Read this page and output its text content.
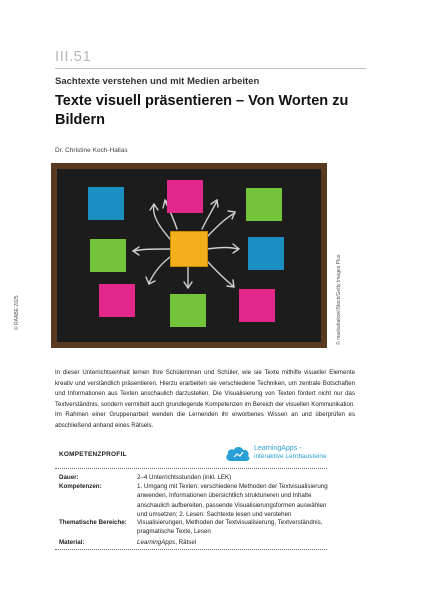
III.51
Sachtexte verstehen und mit Medien arbeiten
Texte visuell präsentieren – Von Worten zu Bildern
Dr. Christine Koch-Hallas
© RAABE 2025	© maxkabakov/iStock/Getty Images Plus

In dieser Unterrichtseinheit lernen Ihre Schülerinnen und Schüler, wie sie Texte mithilfe visueller Elemente kreativ und verständlich präsentieren. Hierzu erarbeiten sie verschiedene Techniken, um zentrale Botschaften und Informationen aus Texten anschaulich darzustellen. Die Visualisierung von Texten fördert nicht nur das Textverständnis, sondern vermittelt auch grundlegende Kompetenzen im Bereich der visuellen Kommunikation. Im Rahmen einer Gruppenarbeit wenden die Lernenden ihr erworbenes Wissen an und überprüfen es abschließend anhand eines Rätsels.

KOMPETENZPROFIL
LearningApps -
interaktive Lernbausteine
Dauer:	2–4 Unterrichtsstunden (inkl. LEK)
Kompetenzen:	1. Umgang mit Texten: verschiedene Methoden der Textvisualisierung anwenden, Informationen übersichtlich strukturieren und Inhalte anschaulich aufbereiten, passende Visualisierungsformen auswählen und umsetzen; 2. Lesen: Sachtexte lesen und verstehen
Thematische Bereiche:	Visualisierungen, Methoden der Textvisualisierung, Textverständnis, pragmatische Texte, Lesen
Material:	LearningApps, Rätsel
